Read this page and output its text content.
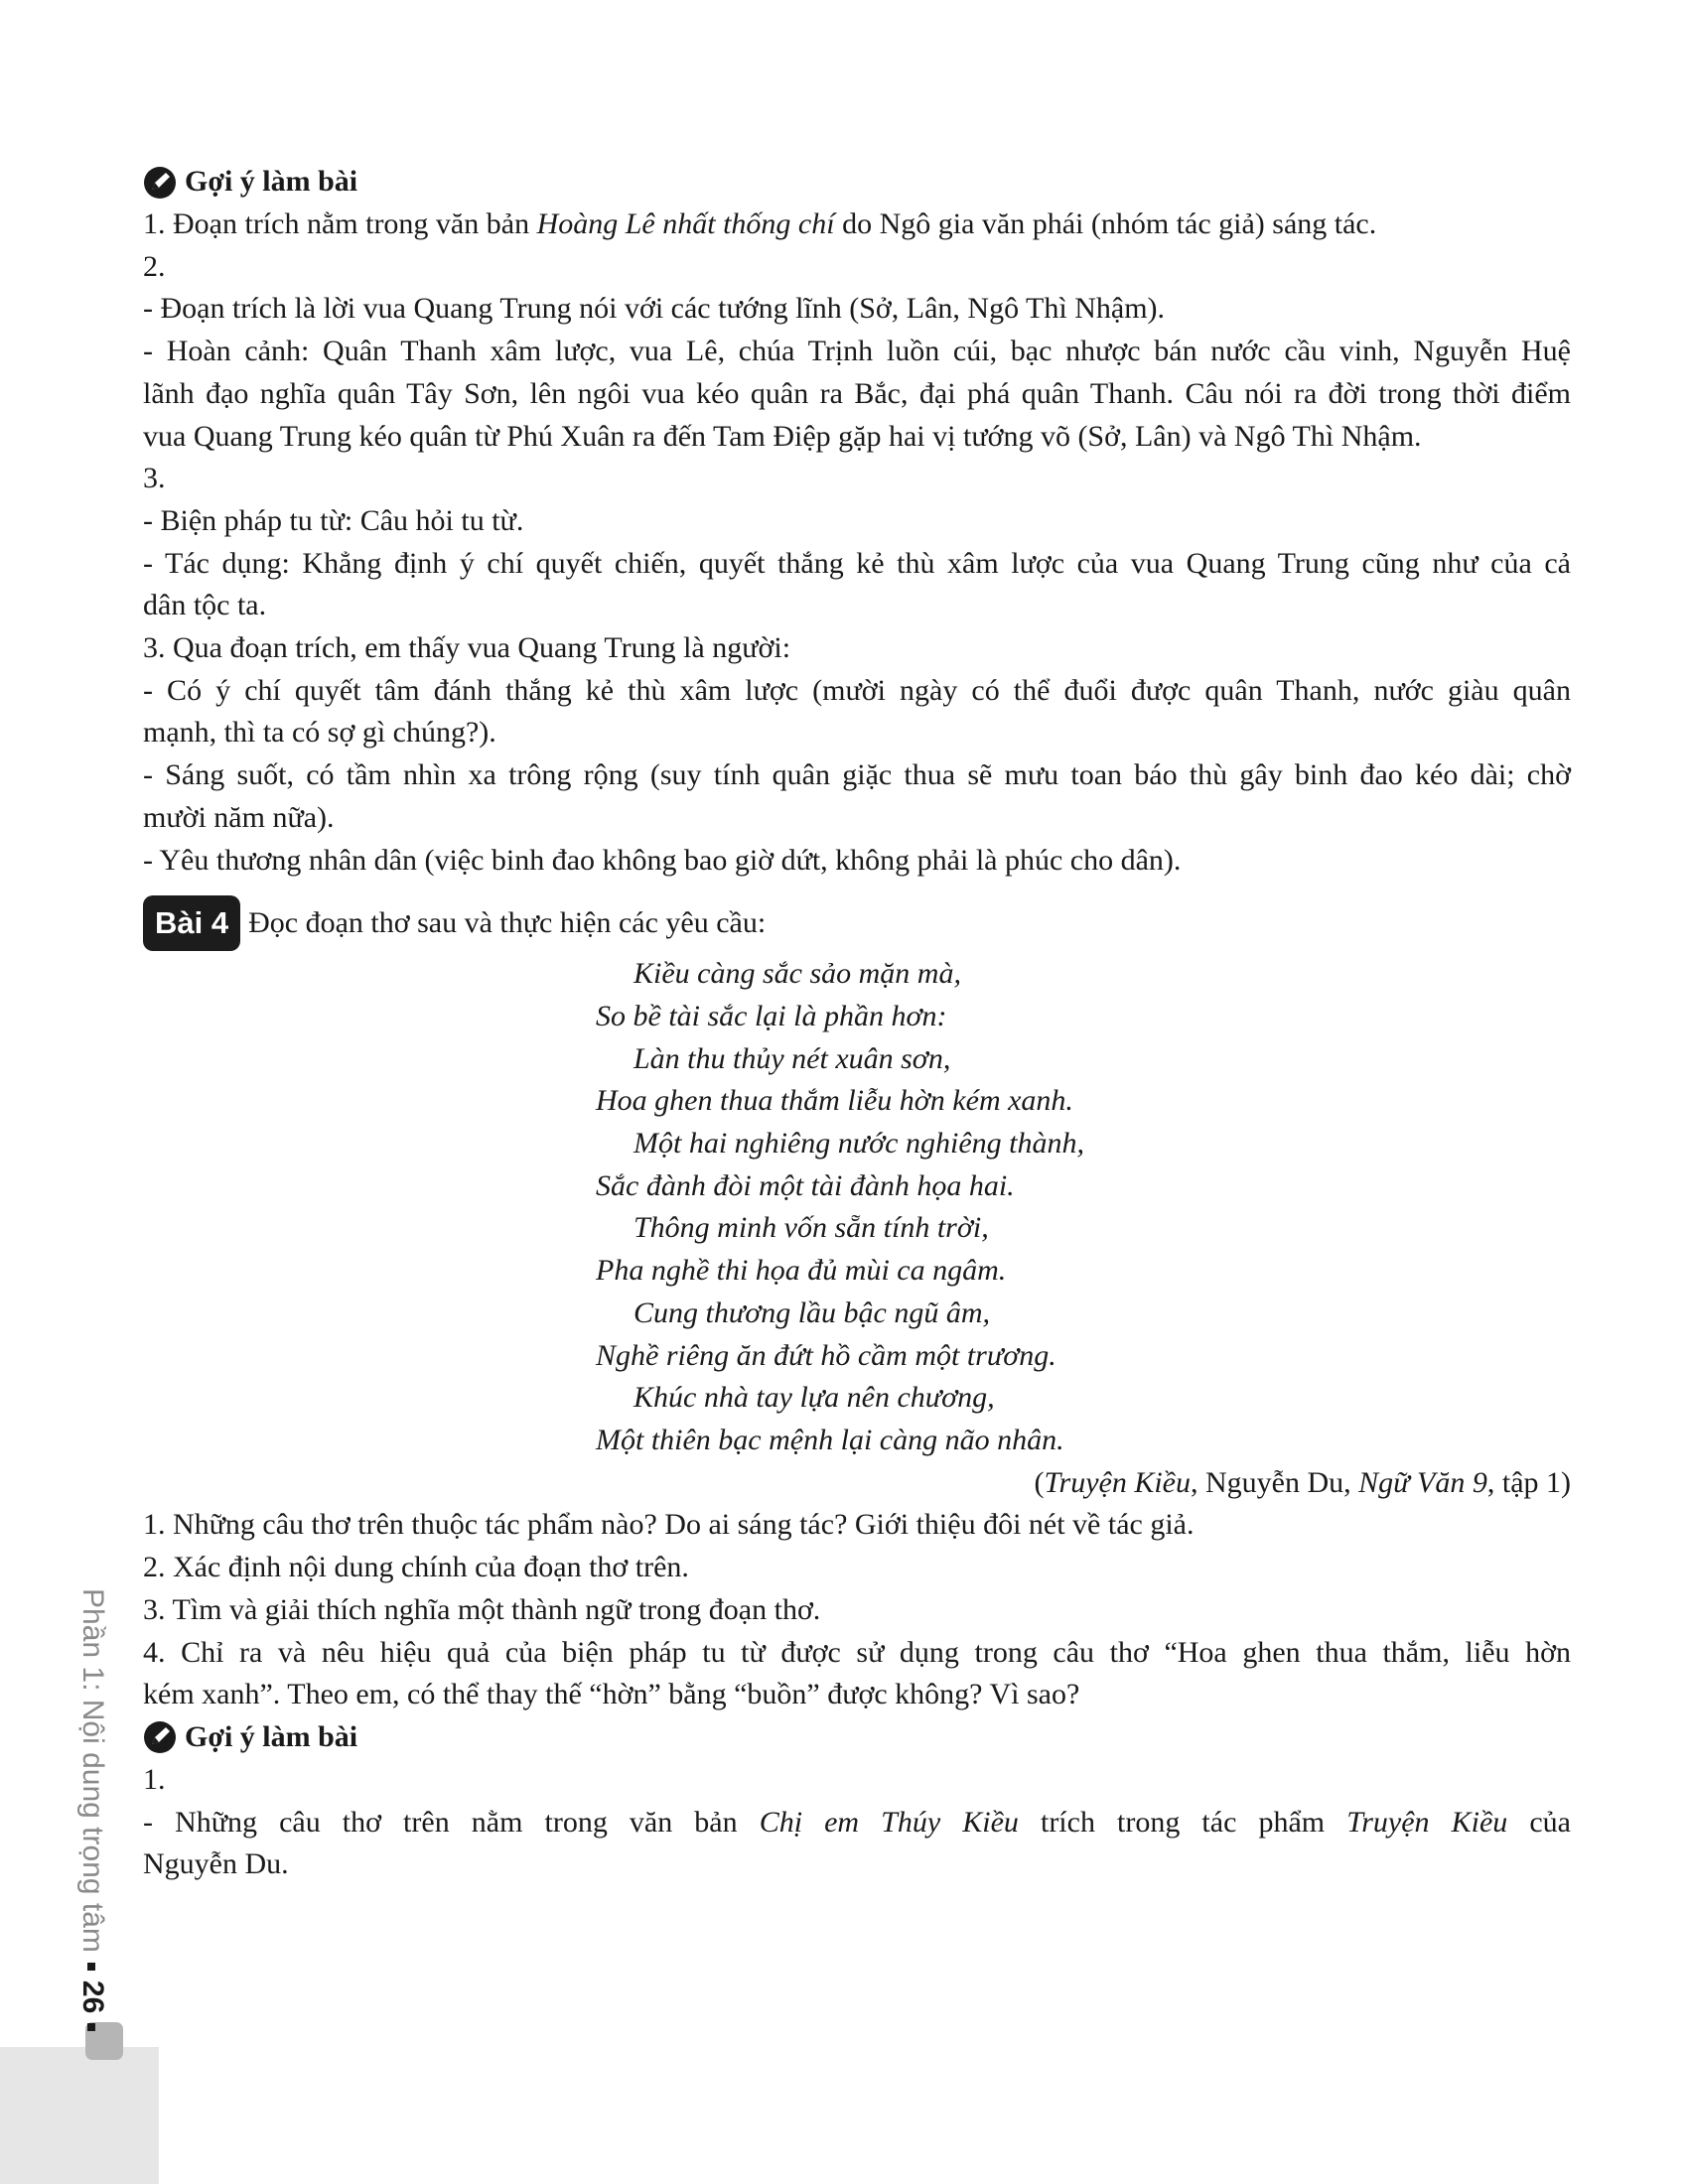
Gợi ý làm bài
1. Đoạn trích nằm trong văn bản Hoàng Lê nhất thống chí do Ngô gia văn phái (nhóm tác giả) sáng tác.
2.
- Đoạn trích là lời vua Quang Trung nói với các tướng lĩnh (Sở, Lân, Ngô Thì Nhậm).
- Hoàn cảnh: Quân Thanh xâm lược, vua Lê, chúa Trịnh luồn cúi, bạc nhược bán nước cầu vinh, Nguyễn Huệ
lãnh đạo nghĩa quân Tây Sơn, lên ngôi vua kéo quân ra Bắc, đại phá quân Thanh. Câu nói ra đời trong thời điểm
vua Quang Trung kéo quân từ Phú Xuân ra đến Tam Điệp gặp hai vị tướng võ (Sở, Lân) và Ngô Thì Nhậm.
3.
- Biện pháp tu từ: Câu hỏi tu từ.
- Tác dụng: Khẳng định ý chí quyết chiến, quyết thắng kẻ thù xâm lược của vua Quang Trung cũng như của cả
dân tộc ta.
3. Qua đoạn trích, em thấy vua Quang Trung là người:
- Có ý chí quyết tâm đánh thắng kẻ thù xâm lược (mười ngày có thể đuổi được quân Thanh, nước giàu quân
mạnh, thì ta có sợ gì chúng?).
- Sáng suốt, có tầm nhìn xa trông rộng (suy tính quân giặc thua sẽ mưu toan báo thù gây binh đao kéo dài; chờ
mười năm nữa).
- Yêu thương nhân dân (việc binh đao không bao giờ dứt, không phải là phúc cho dân).
Bài 4 Đọc đoạn thơ sau và thực hiện các yêu cầu:
Kiều càng sắc sảo mặn mà,
So bề tài sắc lại là phần hơn:
Làn thu thủy nét xuân sơn,
Hoa ghen thua thắm liễu hờn kém xanh.
Một hai nghiêng nước nghiêng thành,
Sắc đành đòi một tài đành họa hai.
Thông minh vốn sẵn tính trời,
Pha nghề thi họa đủ mùi ca ngâm.
Cung thương lầu bậc ngũ âm,
Nghề riêng ăn đứt hồ cầm một trương.
Khúc nhà tay lựa nên chương,
Một thiên bạc mệnh lại càng não nhân.
(Truyện Kiều, Nguyễn Du, Ngữ Văn 9, tập 1)
1. Những câu thơ trên thuộc tác phẩm nào? Do ai sáng tác? Giới thiệu đôi nét về tác giả.
2. Xác định nội dung chính của đoạn thơ trên.
3. Tìm và giải thích nghĩa một thành ngữ trong đoạn thơ.
4. Chỉ ra và nêu hiệu quả của biện pháp tu từ được sử dụng trong câu thơ “Hoa ghen thua thắm, liễu hờn
kém xanh”. Theo em, có thể thay thế “hờn” bằng “buồn” được không? Vì sao?
Gợi ý làm bài
1.
- Những câu thơ trên nằm trong văn bản Chị em Thúy Kiều trích trong tác phẩm Truyện Kiều của
Nguyễn Du.
Phần 1: Nội dung trọng tâm26
